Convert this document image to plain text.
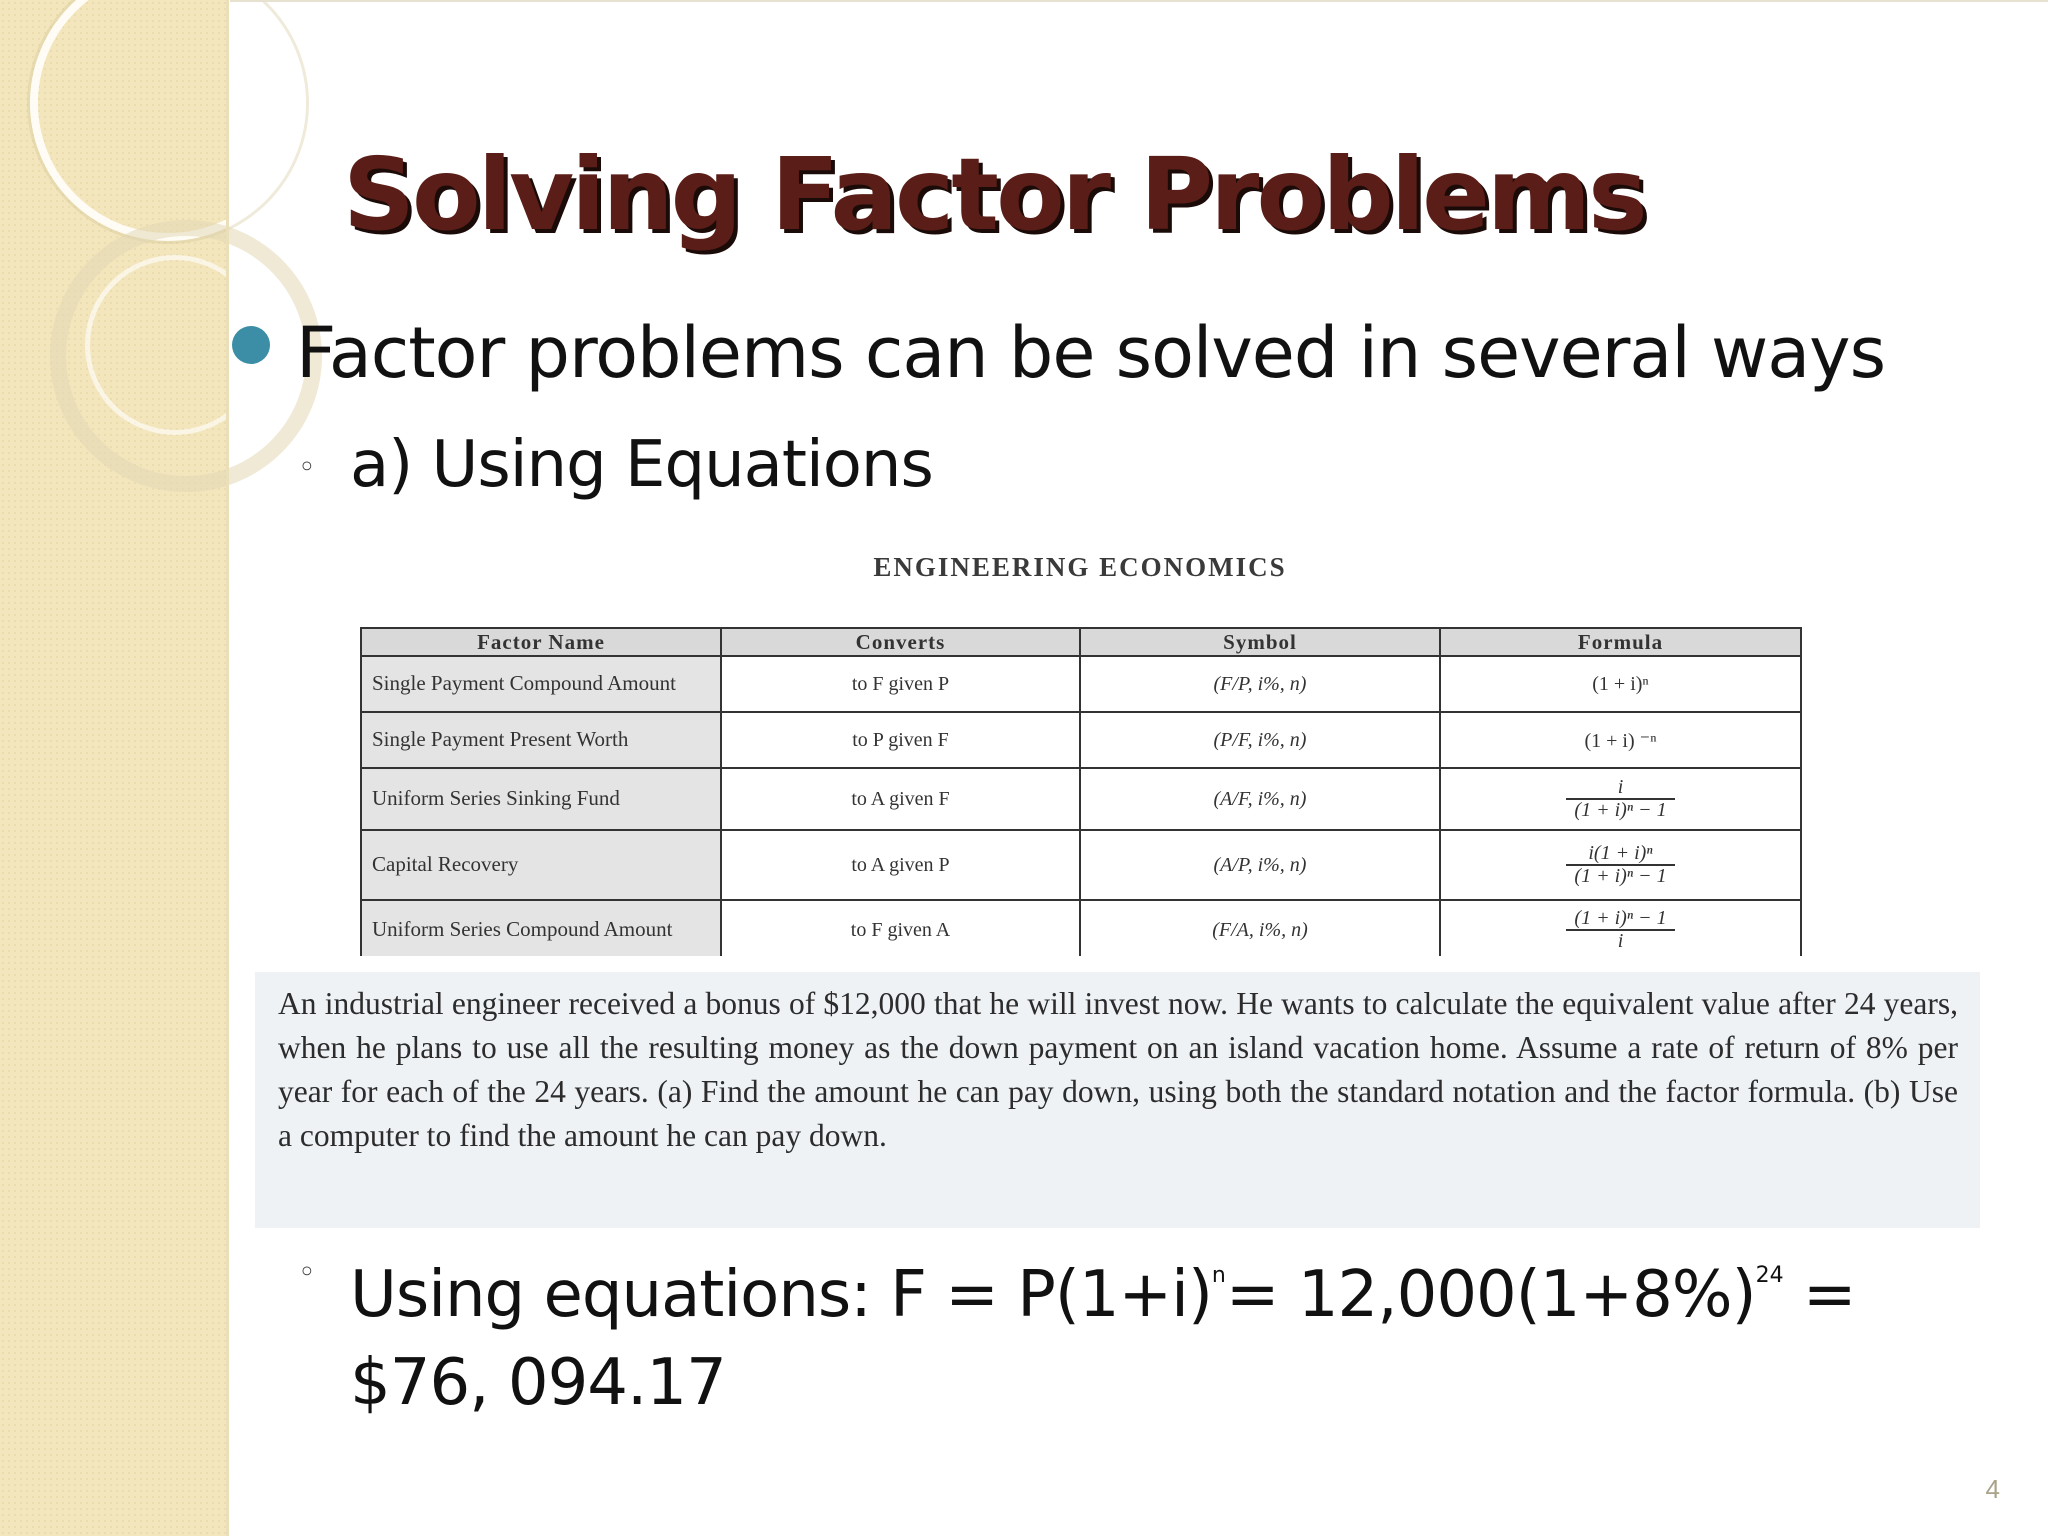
Solving Factor Problems
Factor problems can be solved in several ways
◦ a) Using Equations
ENGINEERING ECONOMICS
Factor Name	Converts	Symbol	Formula
Single Payment Compound Amount	to F given P	(F/P, i%, n)	(1 + i)ⁿ
Single Payment Present Worth	to P given F	(P/F, i%, n)	(1 + i) ⁻ⁿ
Uniform Series Sinking Fund	to A given F	(A/F, i%, n)	$\frac{i}{\text{(1 + i)ⁿ − 1}}$

Capital Recovery	to A given P	(A/P, i%, n)	$\frac{\text{i(1 + i)ⁿ}}{\text{(1 + i)ⁿ − 1}}$

Uniform Series Compound Amount	to F given A	(F/A, i%, n)	$\frac{\text{(1 + i)ⁿ − 1}}{i}$

An industrial engineer received a bonus of $12,000 that he will invest now. He wants to calculate the equivalent value after 24 years, when he plans to use all the resulting money as the down payment on an island vacation home. Assume a rate of return of 8% per year for each of the 24 years. (a) Find the amount he can pay down, using both the standard notation and the factor formula. (b) Use a computer to find the amount he can pay down.

◦ Using equations: $F = P(1+i)^n= 12,000(1+8\%)^{24}$ = $76, 094.17
4
